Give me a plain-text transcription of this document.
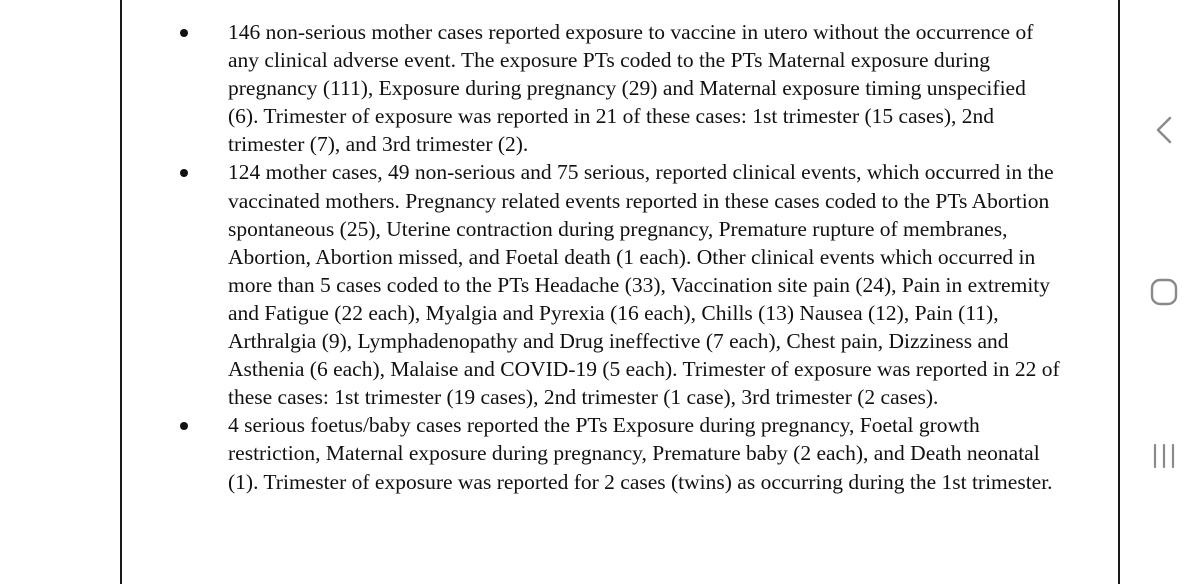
146 non-serious mother cases reported exposure to vaccine in utero without the occurrence of any clinical adverse event. The exposure PTs coded to the PTs Maternal exposure during pregnancy (111), Exposure during pregnancy (29) and Maternal exposure timing unspecified (6). Trimester of exposure was reported in 21 of these cases: 1st trimester (15 cases), 2nd trimester (7), and 3rd trimester (2).
124 mother cases, 49 non-serious and 75 serious, reported clinical events, which occurred in the vaccinated mothers. Pregnancy related events reported in these cases coded to the PTs Abortion spontaneous (25), Uterine contraction during pregnancy, Premature rupture of membranes, Abortion, Abortion missed, and Foetal death (1 each). Other clinical events which occurred in more than 5 cases coded to the PTs Headache (33), Vaccination site pain (24), Pain in extremity and Fatigue (22 each), Myalgia and Pyrexia (16 each), Chills (13) Nausea (12), Pain (11), Arthralgia (9), Lymphadenopathy and Drug ineffective (7 each), Chest pain, Dizziness and Asthenia (6 each), Malaise and COVID-19 (5 each). Trimester of exposure was reported in 22 of these cases: 1st trimester (19 cases), 2nd trimester (1 case), 3rd trimester (2 cases).
4 serious foetus/baby cases reported the PTs Exposure during pregnancy, Foetal growth restriction, Maternal exposure during pregnancy, Premature baby (2 each), and Death neonatal (1). Trimester of exposure was reported for 2 cases (twins) as occurring during the 1st trimester.
